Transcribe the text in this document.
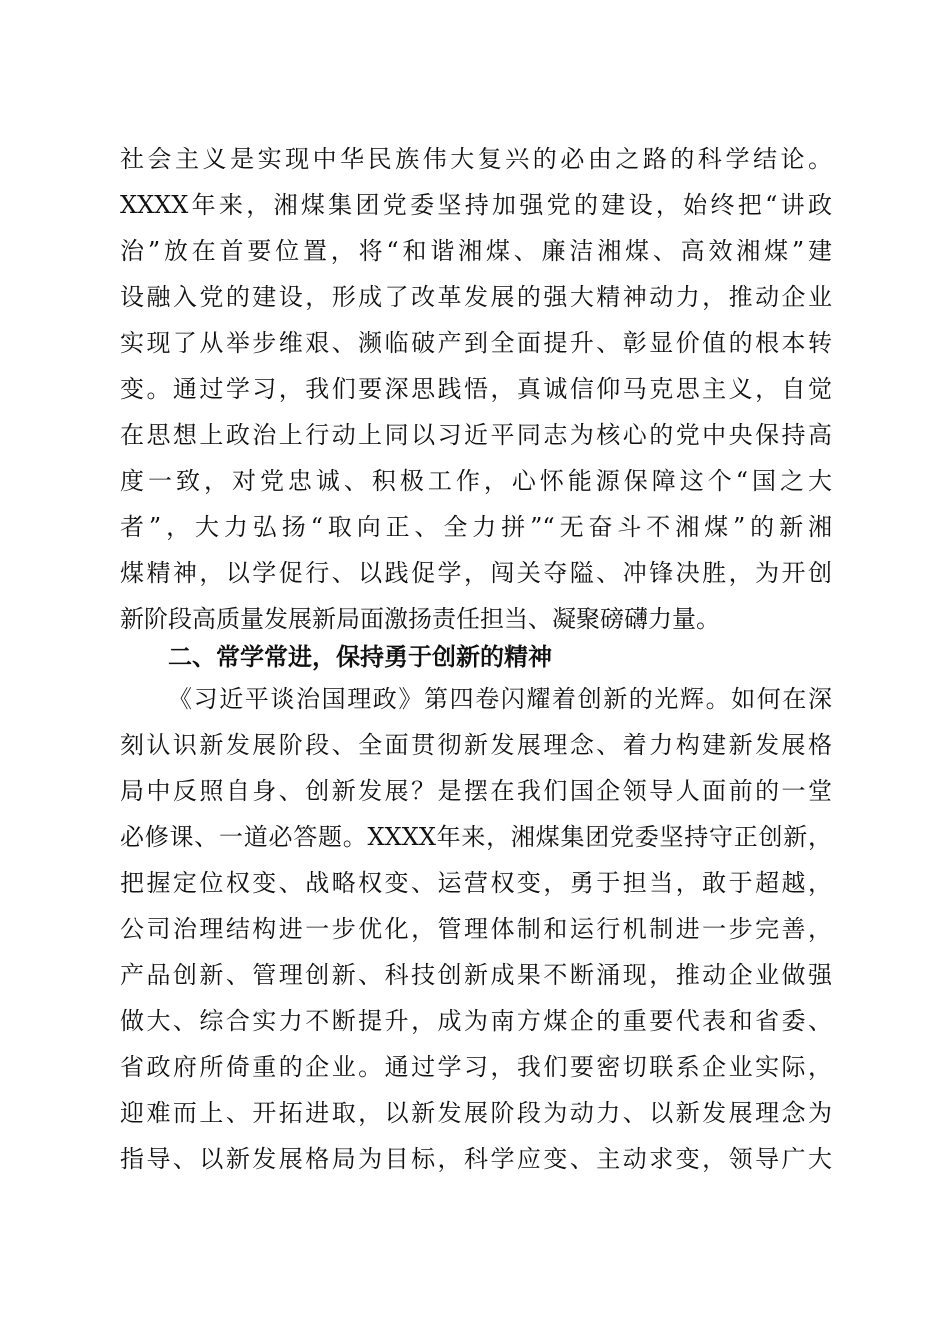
社会主义是实现中华民族伟大复兴的必由之路的科学结论。
XXXX年来，湘煤集团党委坚持加强党的建设，始终把“讲政
治”放在首要位置，将“和谐湘煤、廉洁湘煤、高效湘煤”建
设融入党的建设，形成了改革发展的强大精神动力，推动企业
实现了从举步维艰、濒临破产到全面提升、彰显价值的根本转
变。通过学习，我们要深思践悟，真诚信仰马克思主义，自觉
在思想上政治上行动上同以习近平同志为核心的党中央保持高
度一致，对党忠诚、积极工作，心怀能源保障这个“国之大
者”，大力弘扬“取向正、全力拼”“无奋斗不湘煤”的新湘
煤精神，以学促行、以践促学，闯关夺隘、冲锋决胜，为开创
新阶段高质量发展新局面激扬责任担当、凝聚磅礴力量。
二、常学常进，保持勇于创新的精神
《习近平谈治国理政》第四卷闪耀着创新的光辉。如何在深
刻认识新发展阶段、全面贯彻新发展理念、着力构建新发展格
局中反照自身、创新发展？是摆在我们国企领导人面前的一堂
必修课、一道必答题。XXXX年来，湘煤集团党委坚持守正创新，
把握定位权变、战略权变、运营权变，勇于担当，敢于超越，
公司治理结构进一步优化，管理体制和运行机制进一步完善，
产品创新、管理创新、科技创新成果不断涌现，推动企业做强
做大、综合实力不断提升，成为南方煤企的重要代表和省委、
省政府所倚重的企业。通过学习，我们要密切联系企业实际，
迎难而上、开拓进取，以新发展阶段为动力、以新发展理念为
指导、以新发展格局为目标，科学应变、主动求变，领导广大
